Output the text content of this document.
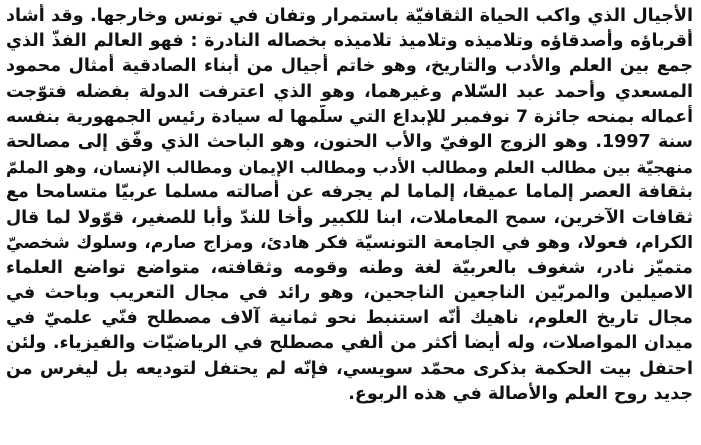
الأجيال الذي واكب الحياة الثقافيّة باستمرار وتفان في تونس وخارجها. وقد أشاد
أقرباؤه وأصدقاؤه وتلاميذه وتلاميذ تلاميذه بخصاله النادرة : فهو العالم الفذّ الذي
جمع بين العلم والأدب والتاريخ، وهو خاتم أجيال من أبناء الصادقية أمثال محمود
المسعدي وأحمد عبد السّلام وغيرهما، وهو الذي اعترفت الدولة بفضله فتوّجت
أعماله بمنحه جائزة 7 نوفمبر للإبداع التي سلّمها له سيادة رئيس الجمهورية بنفسه
سنة 1997. وهو الزوج الوفيّ والأب الحنون، وهو الباحث الذي وفّق إلى مصالحة
منهجيّة بين مطالب العلم ومطالب الأدب ومطالب الإيمان ومطالب الإنسان، وهو الملمّ
بثقافة العصر إلماما عميقا، إلماما لم يجرفه عن أصالته مسلما عربيّا متسامحا مع
ثقافات الآخرين، سمح المعاملات، ابنا للكبير وأخا للندّ وأبا للصغير، قوّولا لما قال
الكرام، فعولا، وهو في الجامعة التونسيّة فكر هادئ، ومزاج صارم، وسلوك شخصيّ
متميّز نادر، شغوف بالعربيّة لغة وطنه وقومه وثقافته، متواضع تواضع العلماء
الاصيلين والمربّين الناجعين الناجحين، وهو رائد في مجال التعريب وباحث في
مجال تاريخ العلوم، ناهيك أنّه استنبط نحو ثمانية آلاف مصطلح فنّي علميّ في
ميدان المواصلات، وله أيضا أكثر من ألفي مصطلح في الرياضيّات والفيزياء. ولئن
احتفل بيت الحكمة بذكرى محمّد سويسي، فإنّه لم يحتفل لتوديعه بل ليغرس من
جديد روح العلم والأصالة في هذه الربوع.
